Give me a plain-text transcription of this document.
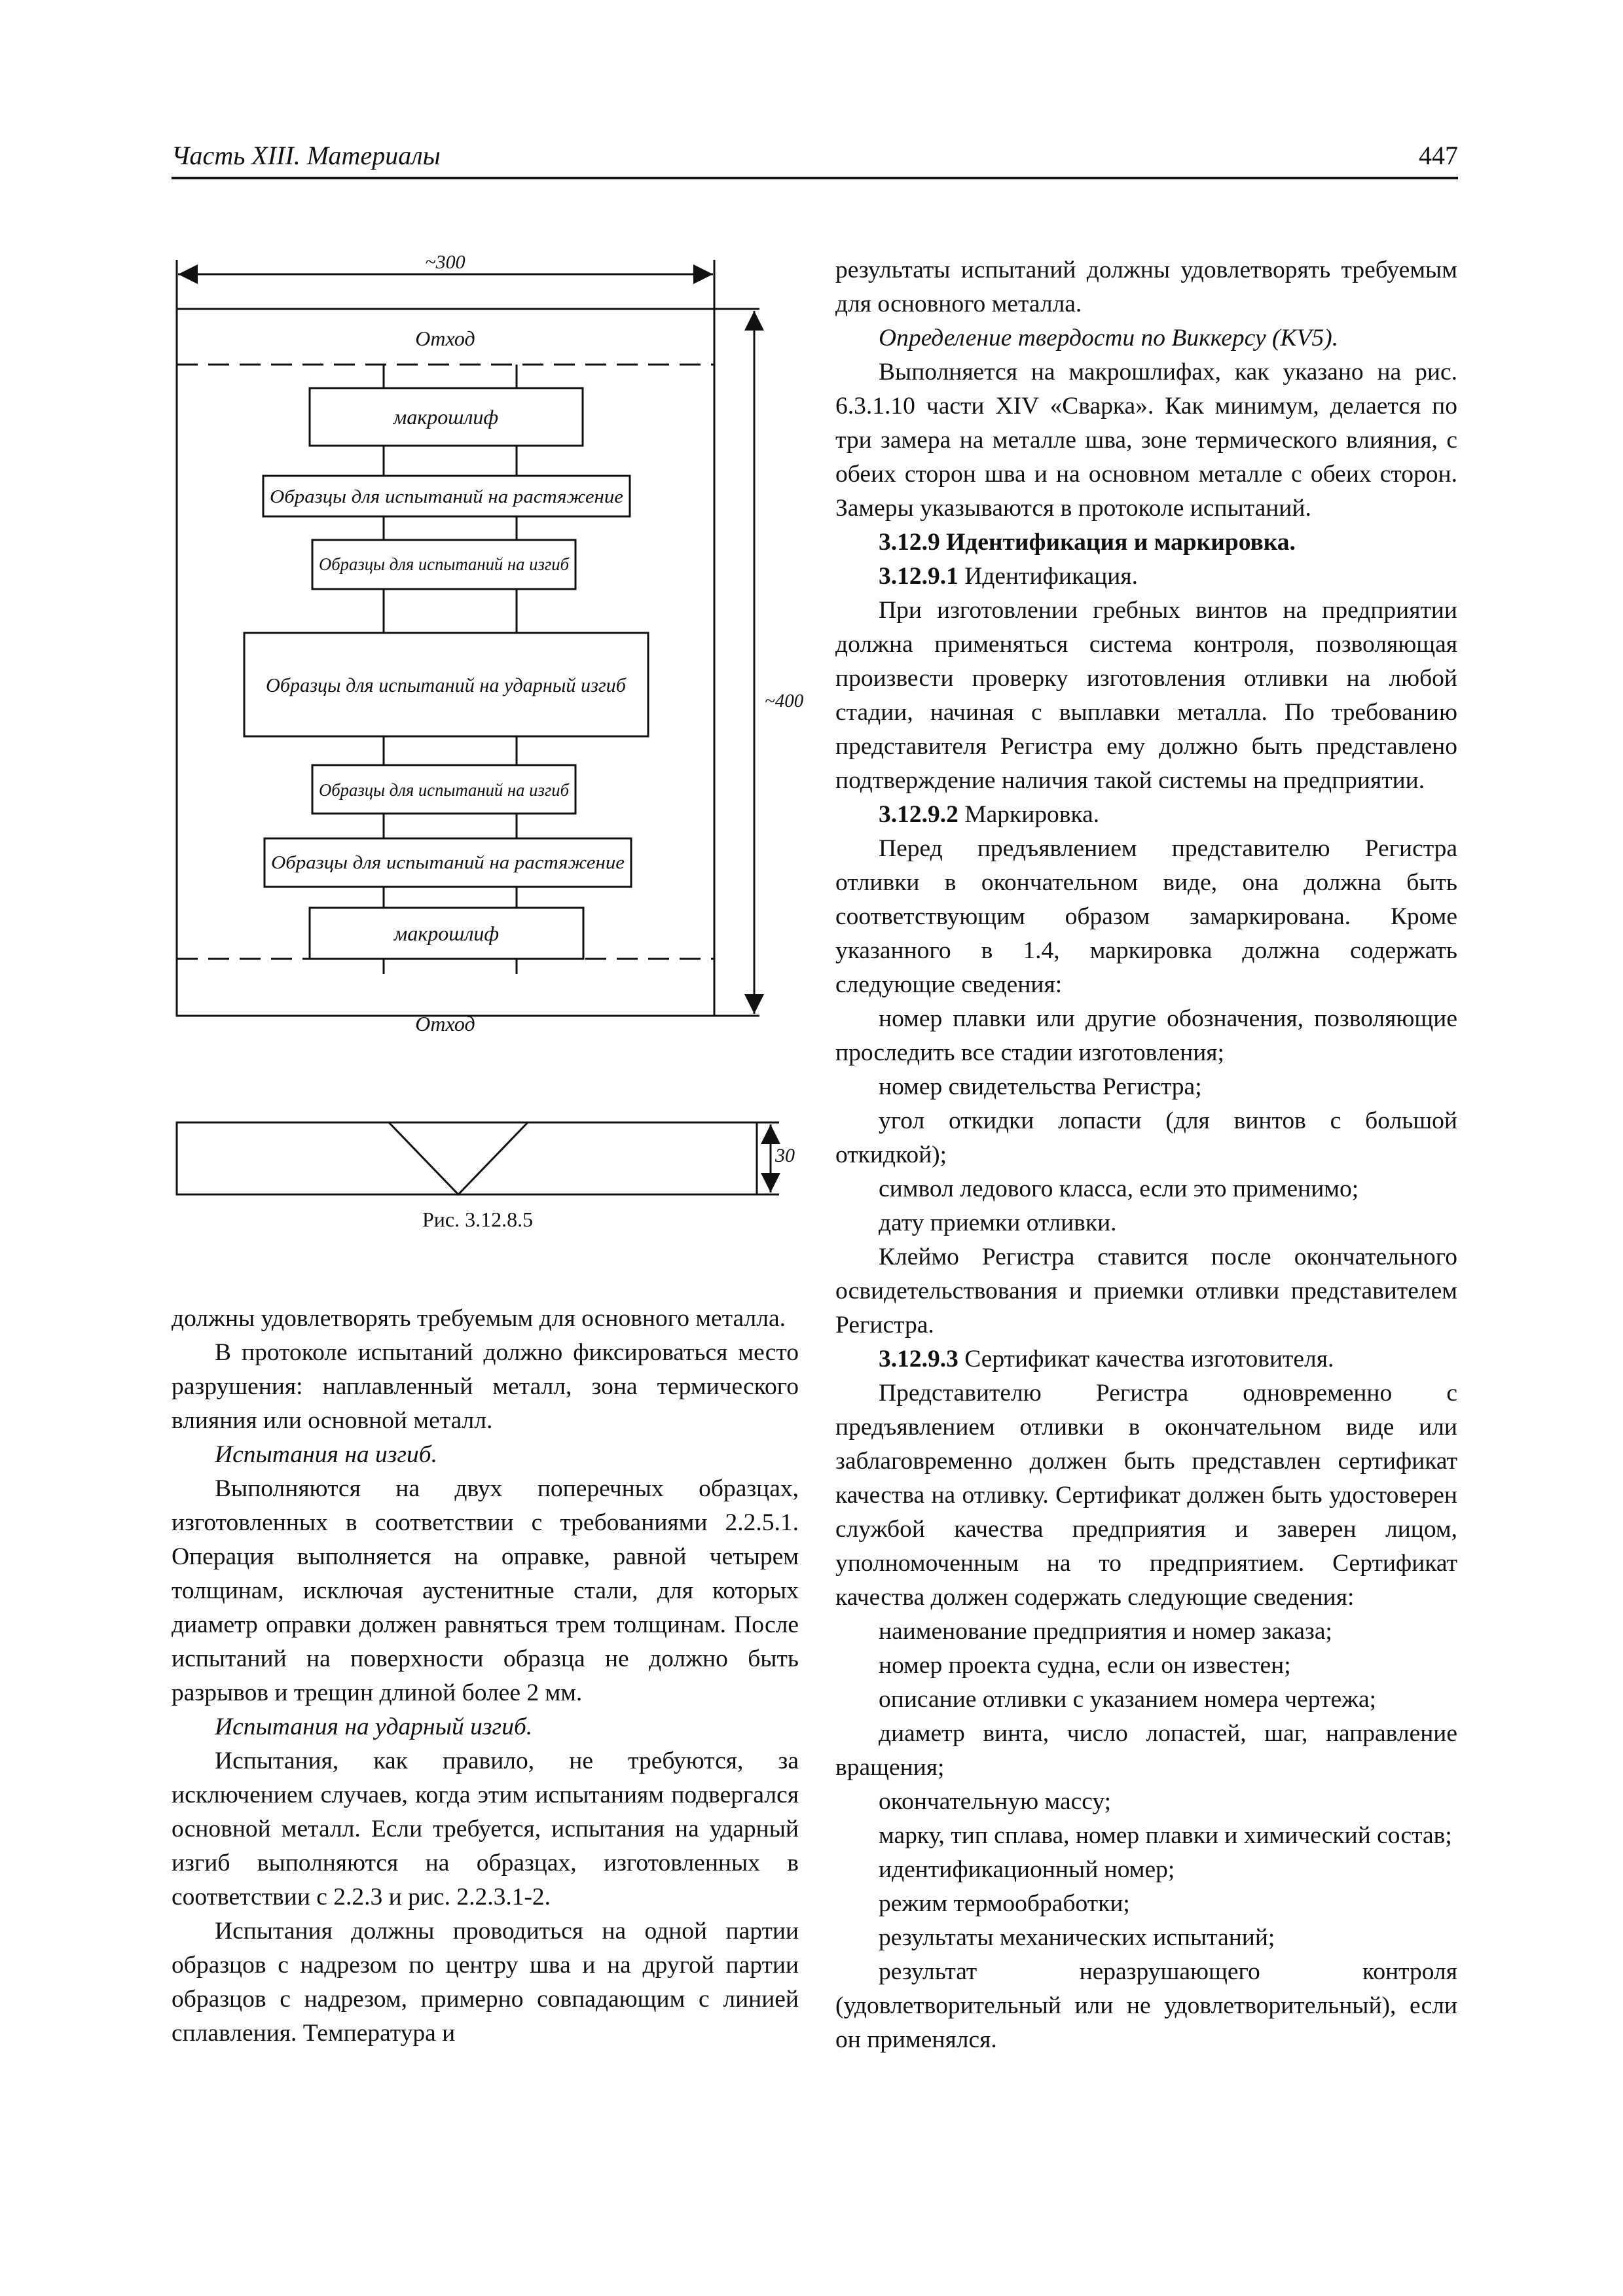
Часть XIII. Материалы	447
~300
Отход
макрошлиф
Образцы для испытаний на растяжение
Образцы для испытаний на изгиб
Образцы для испытаний на ударный изгиб
Образцы для испытаний на изгиб
Образцы для испытаний на растяжение
макрошлиф
Отход
~400
30
Рис. 3.12.8.5

должны удовлетворять требуемым для основного металла.

В протоколе испытаний должно фиксироваться место разрушения: наплавленный металл, зона термического влияния или основной металл.

Испытания на изгиб.

Выполняются на двух поперечных образцах, изготовленных в соответствии с требованиями 2.2.5.1. Операция выполняется на оправке, равной четырем толщинам, исключая аустенитные стали, для которых диаметр оправки должен равняться трем толщинам. После испытаний на поверхности образца не должно быть разрывов и трещин длиной более 2 мм.

Испытания на ударный изгиб.

Испытания, как правило, не требуются, за исключением случаев, когда этим испытаниям подвергался основной металл. Если требуется, испытания на ударный изгиб выполняются на образцах, изготовленных в соответствии с 2.2.3 и рис. 2.2.3.1-2.

Испытания должны проводиться на одной партии образцов с надрезом по центру шва и на другой партии образцов с надрезом, примерно совпадающим с линией сплавления. Температура и

результаты испытаний должны удовлетворять требуемым для основного металла.

Определение твердости по Виккерсу (KV5).

Выполняется на макрошлифах, как указано на рис. 6.3.1.10 части XIV «Сварка». Как минимум, делается по три замера на металле шва, зоне термического влияния, с обеих сторон шва и на основном металле с обеих сторон. Замеры указываются в протоколе испытаний.

3.12.9 Идентификация и маркировка.

3.12.9.1 Идентификация.

При изготовлении гребных винтов на предприятии должна применяться система контроля, позволяющая произвести проверку изготовления отливки на любой стадии, начиная с выплавки металла. По требованию представителя Регистра ему должно быть представлено подтверждение наличия такой системы на предприятии.

3.12.9.2 Маркировка.

Перед предъявлением представителю Регистра отливки в окончательном виде, она должна быть соответствующим образом замаркирована. Кроме указанного в 1.4, маркировка должна содержать следующие сведения:

номер плавки или другие обозначения, позволяющие проследить все стадии изготовления;

номер свидетельства Регистра;

угол откидки лопасти (для винтов с большой откидкой);

символ ледового класса, если это применимо;

дату приемки отливки.

Клеймо Регистра ставится после окончательного освидетельствования и приемки отливки представителем Регистра.

3.12.9.3 Сертификат качества изготовителя.

Представителю Регистра одновременно с предъявлением отливки в окончательном виде или заблаговременно должен быть представлен сертификат качества на отливку. Сертификат должен быть удостоверен службой качества предприятия и заверен лицом, уполномоченным на то предприятием. Сертификат качества должен содержать следующие сведения:

наименование предприятия и номер заказа;

номер проекта судна, если он известен;

описание отливки с указанием номера чертежа;

диаметр винта, число лопастей, шаг, направление вращения;

окончательную массу;

марку, тип сплава, номер плавки и химический состав;

идентификационный номер;

режим термообработки;

результаты механических испытаний;

результат неразрушающего контроля (удовлетворительный или не удовлетворительный), если он применялся.
